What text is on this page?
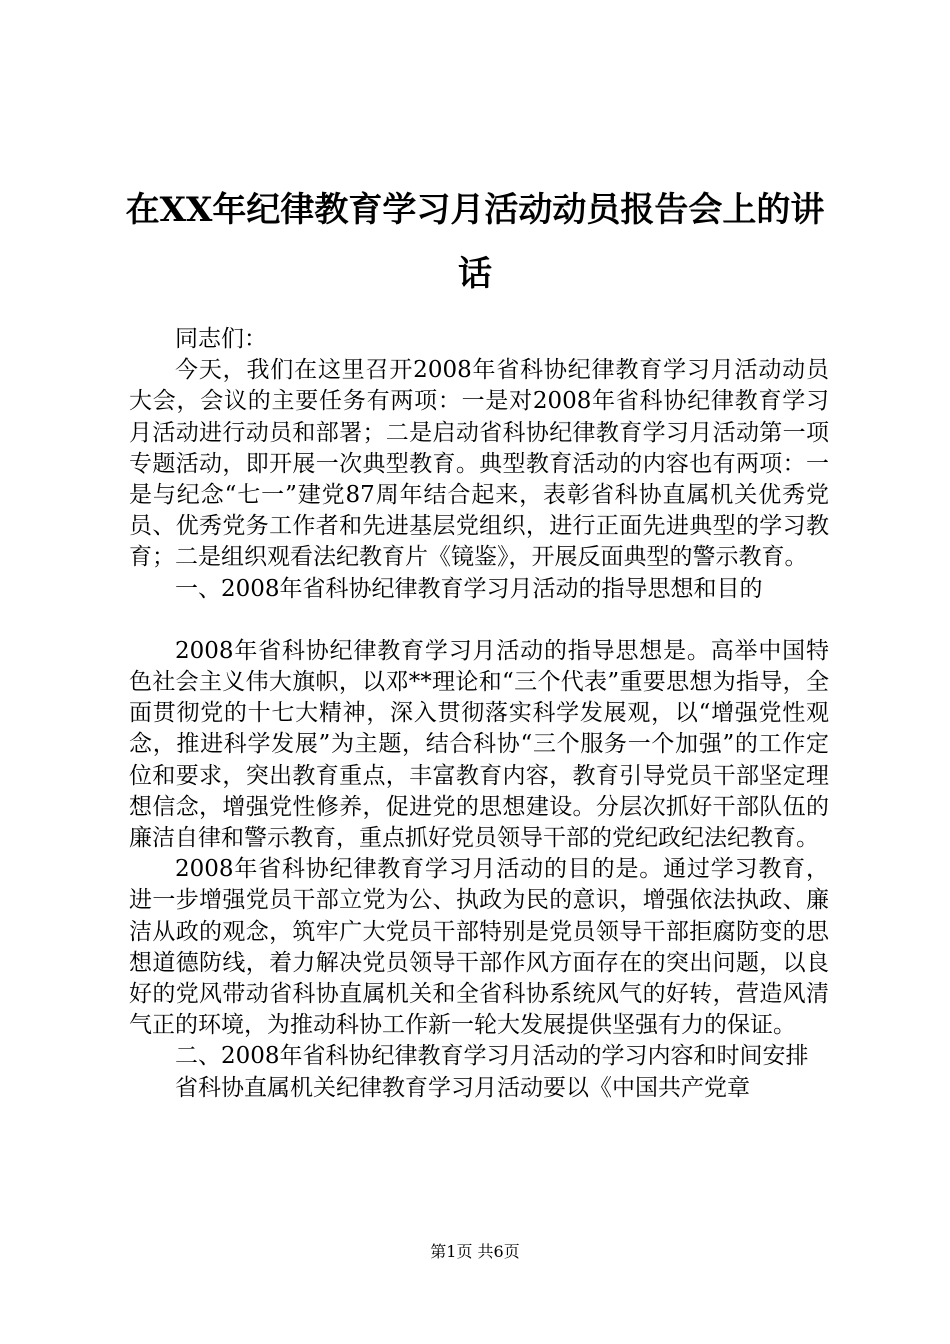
在XX年纪律教育学习月活动动员报告会上的讲话

同志们：

今天，我们在这里召开2008年省科协纪律教育学习月活动动员大会，会议的主要任务有两项：一是对2008年省科协纪律教育学习月活动进行动员和部署；二是启动省科协纪律教育学习月活动第一项专题活动，即开展一次典型教育。典型教育活动的内容也有两项：一是与纪念“七一”建党87周年结合起来，表彰省科协直属机关优秀党员、优秀党务工作者和先进基层党组织，进行正面先进典型的学习教育；二是组织观看法纪教育片《镜鉴》，开展反面典型的警示教育。

一、2008年省科协纪律教育学习月活动的指导思想和目的

2008年省科协纪律教育学习月活动的指导思想是。高举中国特色社会主义伟大旗帜，以邓**理论和“三个代表”重要思想为指导，全面贯彻党的十七大精神，深入贯彻落实科学发展观，以“增强党性观念，推进科学发展”为主题，结合科协“三个服务一个加强”的工作定位和要求，突出教育重点，丰富教育内容，教育引导党员干部坚定理想信念，增强党性修养，促进党的思想建设。分层次抓好干部队伍的廉洁自律和警示教育，重点抓好党员领导干部的党纪政纪法纪教育。

2008年省科协纪律教育学习月活动的目的是。通过学习教育，进一步增强党员干部立党为公、执政为民的意识，增强依法执政、廉洁从政的观念，筑牢广大党员干部特别是党员领导干部拒腐防变的思想道德防线，着力解决党员领导干部作风方面存在的突出问题，以良好的党风带动省科协直属机关和全省科协系统风气的好转，营造风清气正的环境，为推动科协工作新一轮大发展提供坚强有力的保证。

二、2008年省科协纪律教育学习月活动的学习内容和时间安排

省科协直属机关纪律教育学习月活动要以《中国共产党章

第1页 共6页
